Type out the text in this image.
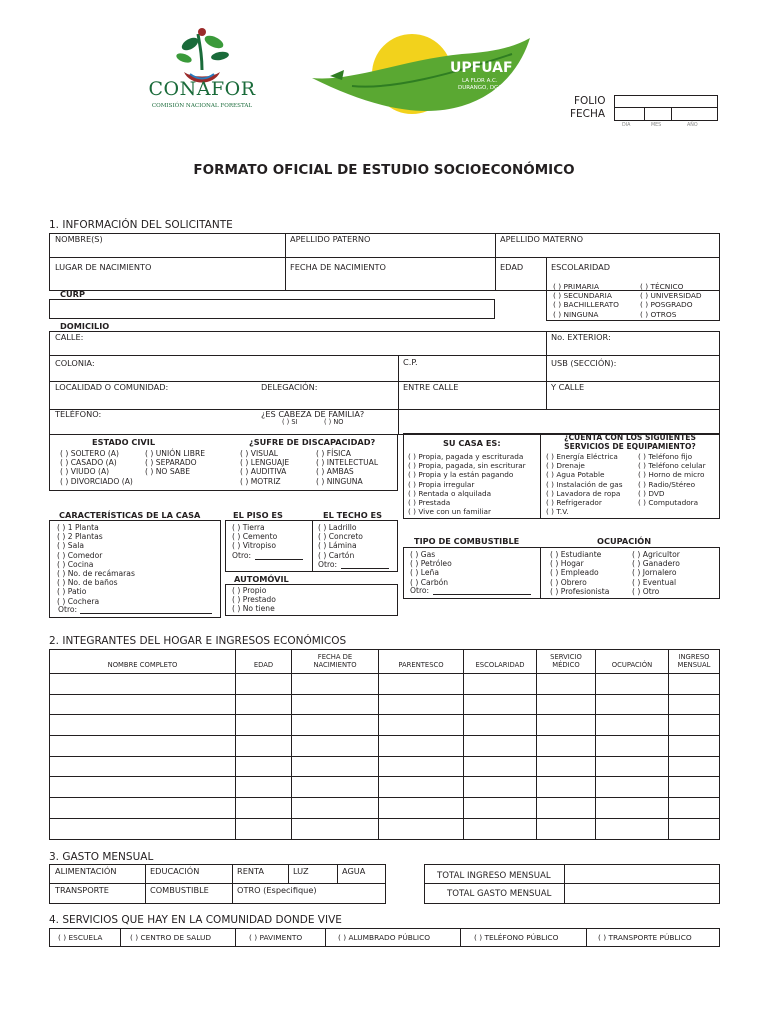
CONAFOR
COMISIÓN NACIONAL FORESTAL
UPFUAF
LA FLOR A.C.
DURANGO, DGO.
FOLIO
FECHA
DIA	MES	AÑO
FORMATO OFICIAL DE ESTUDIO SOCIOECONÓMICO
1. INFORMACIÓN DEL SOLICITANTE
NOMBRE(S)	APELLIDO PATERNO	APELLIDO MATERNO
LUGAR DE NACIMIENTO	FECHA DE NACIMIENTO	EDAD	ESCOLARIDAD
( ) PRIMARIA
( ) SECUNDARIA
( ) BACHILLERATO
( ) NINGUNA
( ) TÉCNICO
( ) UNIVERSIDAD
( ) POSGRADO
( ) OTROS
CURP
DOMICILIO
CALLE:	No. EXTERIOR:
COLONIA:	C.P.	USB (SECCIÓN):
LOCALIDAD O COMUNIDAD:	DELEGACIÓN:	ENTRE CALLE	Y CALLE
TELÉFONO:	¿ES CABEZA DE FAMILIA?
( ) SI	( ) NO
ESTADO CIVIL	¿SUFRE DE DISCAPACIDAD?
( ) SOLTERO (A)
( ) CASADO (A)
( ) VIUDO (A)
( ) DIVORCIADO (A)
( ) UNIÓN LIBRE
( ) SEPARADO
( ) NO SABE
( ) VISUAL
( ) LENGUAJE
( ) AUDITIVA
( ) MOTRIZ
( ) FÍSICA
( ) INTELECTUAL
( ) AMBAS
( ) NINGUNA
SU CASA ES:
¿CUENTA CON LOS SIGUIENTES SERVICIOS DE EQUIPAMIENTO?
( ) Propia, pagada y escriturada
( ) Propia, pagada, sin escriturar
( ) Propia y la están pagando
( ) Propia irregular
( ) Rentada o alquilada
( ) Prestada
( ) Vive con un familiar
( ) Energía Eléctrica
( ) Drenaje
( ) Agua Potable
( ) Instalación de gas
( ) Lavadora de ropa
( ) Refrigerador
( ) T.V.
( ) Teléfono fijo
( ) Teléfono celular
( ) Horno de micro
( ) Radio/Stéreo
( ) DVD
( ) Computadora
CARACTERÍSTICAS DE LA CASA
( ) 1 Planta
( ) 2 Plantas
( ) Sala
( ) Comedor
( ) Cocina
( ) No. de recámaras
( ) No. de baños
( ) Patio
( ) Cochera
Otro:
EL PISO ES	EL TECHO ES
( ) Tierra
( ) Cemento
( ) Vitropiso
Otro:
( ) Ladrillo
( ) Concreto
( ) Lámina
( ) Cartón
Otro:
AUTOMÓVIL
( ) Propio
( ) Prestado
( ) No tiene
TIPO DE COMBUSTIBLE	OCUPACIÓN
( ) Gas
( ) Petróleo
( ) Leña
( ) Carbón
Otro:
( ) Estudiante
( ) Hogar
( ) Empleado
( ) Obrero
( ) Profesionista
( ) Agricultor
( ) Ganadero
( ) Jornalero
( ) Eventual
( ) Otro
2. INTEGRANTES DEL HOGAR E INGRESOS ECONÓMICOS
NOMBRE COMPLETO	EDAD	FECHA DE NACIMIENTO	PARENTESCO	ESCOLARIDAD	SERVICIO MÉDICO	OCUPACIÓN	INGRESO MENSUAL

3. GASTO MENSUAL
ALIMENTACIÓN	EDUCACIÓN	RENTA	LUZ	AGUA
TRANSPORTE	COMBUSTIBLE	OTRO (Especifique)
TOTAL INGRESO MENSUAL
TOTAL GASTO MENSUAL
4. SERVICIOS QUE HAY EN LA COMUNIDAD DONDE VIVE
( ) ESCUELA	( ) CENTRO DE SALUD	( ) PAVIMENTO	( ) ALUMBRADO PÚBLICO	( ) TELÉFONO PÚBLICO	( ) TRANSPORTE PÚBLICO
